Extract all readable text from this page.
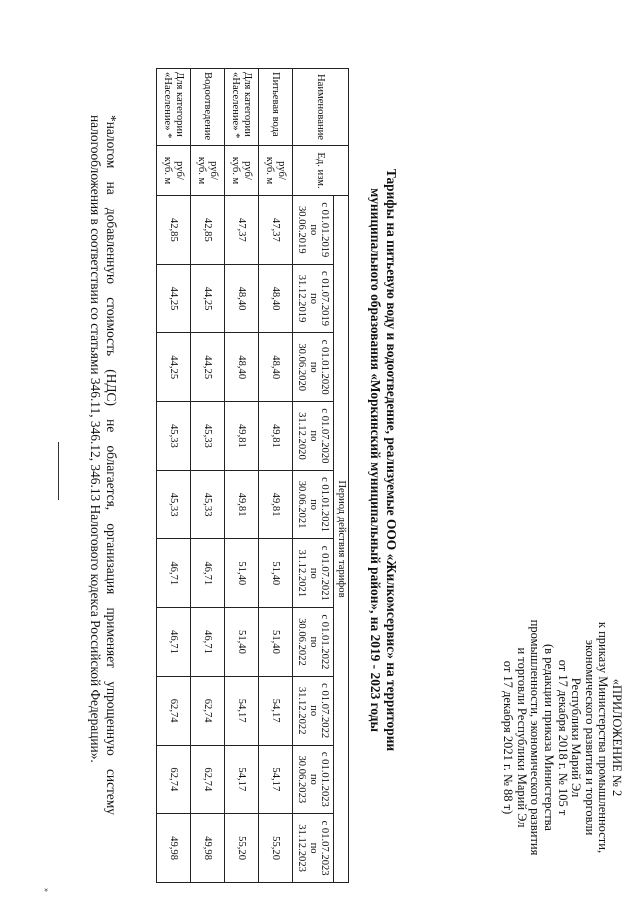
«ПРИЛОЖЕНИЕ № 2
к приказу Министерства промышленности,
экономического развития и торговли
Республики Марий Эл
от 17 декабря 2018 г. № 105 т
(в редакции приказа Министерства
промышленности, экономического развития
и торговли Республики Марий Эл
от 17 декабря 2021 г. № 88 т)
Тарифы на питьевую воду и водоотведение, реализуемые ООО «Жилкомсервис» на территории
муниципального образования «Моркинский муниципальный район», на 2019 - 2023 годы
Наименование	Ед. изм.	Период действия тарифов									

		с 01.01.2019
по
30.06.2019	с 01.07.2019
по
31.12.2019	с 01.01.2020
по
30.06.2020	с 01.07.2020
по
31.12.2020	с 01.01.2021
по
30.06.2021	с 01.07.2021
по
31.12.2021	с 01.01.2022
по
30.06.2022	с 01.07.2022
по
31.12.2022	с 01.01.2023
по
30.06.2023	с 01.07.2023
по
31.12.2023

Питьевая вода	руб/
куб. м	47,37	48,40	48,40	49,81	49,81	51,40	51,40	54,17	54,17	55,20

Для категории
«Население» *	руб/
куб. м	47,37	48,40	48,40	49,81	49,81	51,40	51,40	54,17	54,17	55,20
Водоотведение	руб/
куб. м	42,85	44,25	44,25	45,33	45,33	46,71	46,71	62,74	62,74	49,98

Для категории
«Население» *	руб/
куб. м	42,85	44,25	44,25	45,33	45,33	46,71	46,71	62,74	62,74	49,98
*налогом на добавленную стоимость (НДС) не облагается, организация применяет упрощенную систему
налогообложения в соответствии со статьями 346.11, 346.12, 346.13 Налогового кодекса Российской Федерации».
»
